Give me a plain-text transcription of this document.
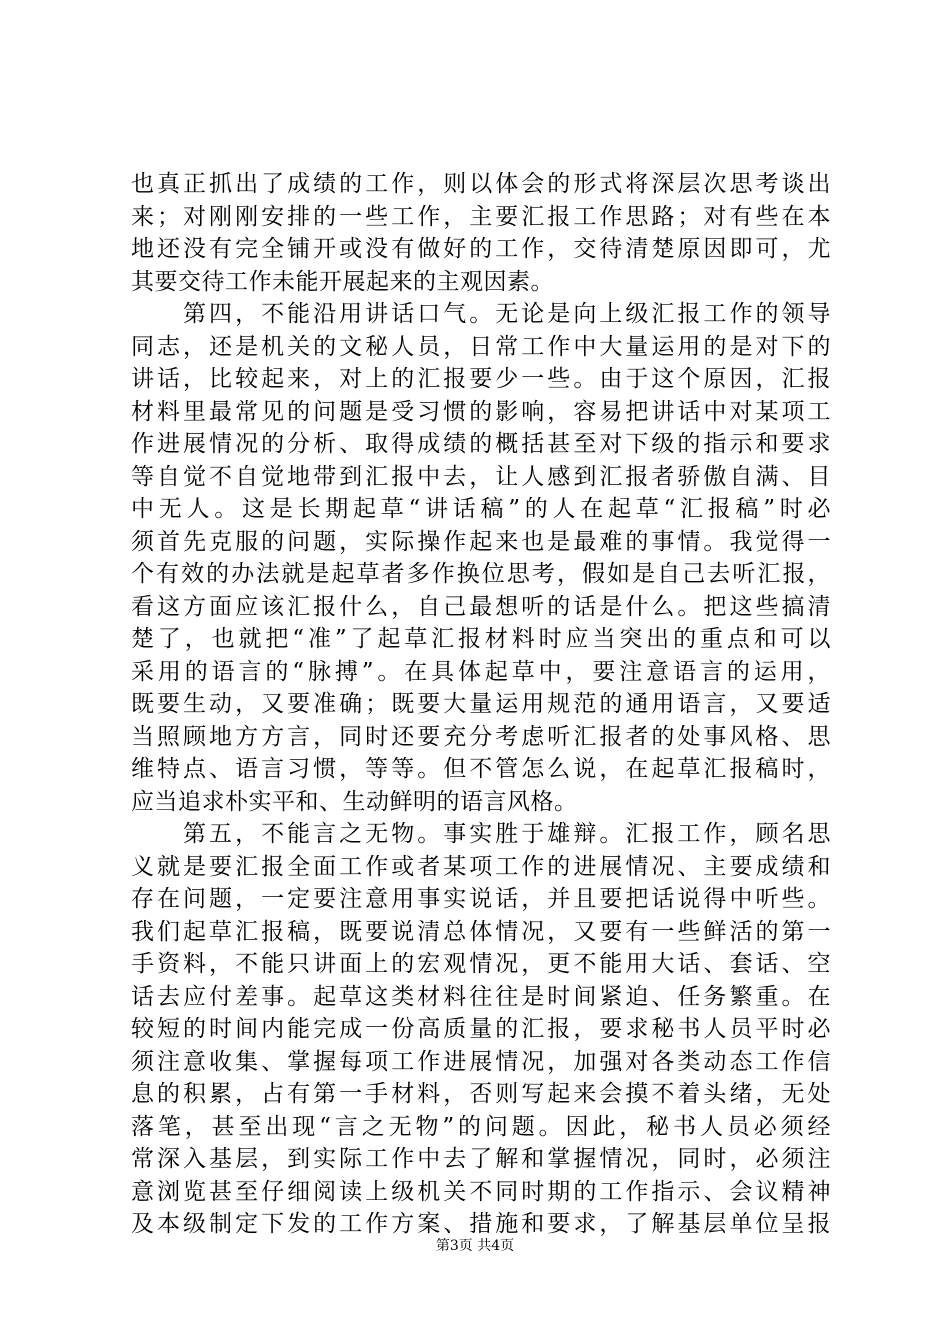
也真正抓出了成绩的工作，则以体会的形式将深层次思考谈出
来；对刚刚安排的一些工作，主要汇报工作思路；对有些在本
地还没有完全铺开或没有做好的工作，交待清楚原因即可，尤
其要交待工作未能开展起来的主观因素。
　　第四，不能沿用讲话口气。无论是向上级汇报工作的领导
同志，还是机关的文秘人员，日常工作中大量运用的是对下的
讲话，比较起来，对上的汇报要少一些。由于这个原因，汇报
材料里最常见的问题是受习惯的影响，容易把讲话中对某项工
作进展情况的分析、取得成绩的概括甚至对下级的指示和要求
等自觉不自觉地带到汇报中去，让人感到汇报者骄傲自满、目
中无人。这是长期起草“讲话稿”的人在起草“汇报稿”时必
须首先克服的问题，实际操作起来也是最难的事情。我觉得一
个有效的办法就是起草者多作换位思考，假如是自己去听汇报，
看这方面应该汇报什么，自己最想听的话是什么。把这些搞清
楚了，也就把“准”了起草汇报材料时应当突出的重点和可以
采用的语言的“脉搏”。在具体起草中，要注意语言的运用，
既要生动，又要准确；既要大量运用规范的通用语言，又要适
当照顾地方方言，同时还要充分考虑听汇报者的处事风格、思
维特点、语言习惯，等等。但不管怎么说，在起草汇报稿时，
应当追求朴实平和、生动鲜明的语言风格。
　　第五，不能言之无物。事实胜于雄辩。汇报工作，顾名思
义就是要汇报全面工作或者某项工作的进展情况、主要成绩和
存在问题，一定要注意用事实说话，并且要把话说得中听些。
我们起草汇报稿，既要说清总体情况，又要有一些鲜活的第一
手资料，不能只讲面上的宏观情况，更不能用大话、套话、空
话去应付差事。起草这类材料往往是时间紧迫、任务繁重。在
较短的时间内能完成一份高质量的汇报，要求秘书人员平时必
须注意收集、掌握每项工作进展情况，加强对各类动态工作信
息的积累，占有第一手材料，否则写起来会摸不着头绪，无处
落笔，甚至出现“言之无物”的问题。因此，秘书人员必须经
常深入基层，到实际工作中去了解和掌握情况，同时，必须注
意浏览甚至仔细阅读上级机关不同时期的工作指示、会议精神
及本级制定下发的工作方案、措施和要求，了解基层单位呈报
第3页 共4页
